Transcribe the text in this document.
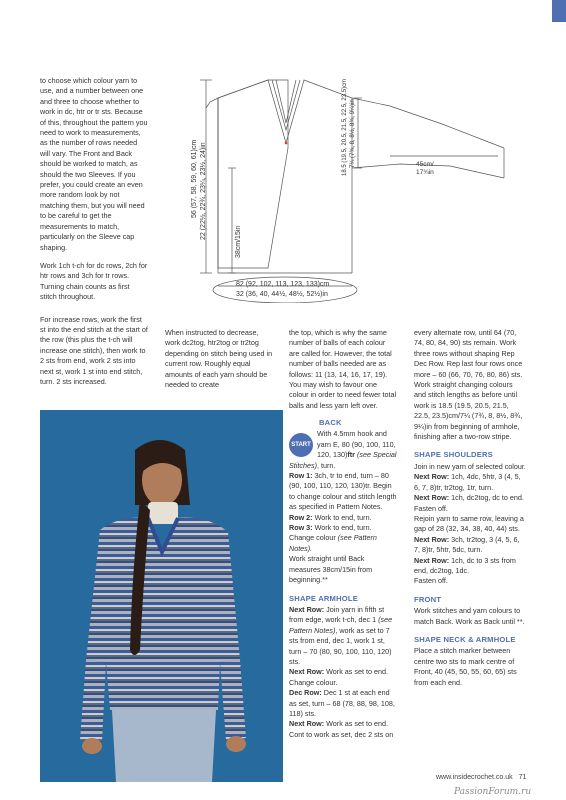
to choose which colour yarn to use, and a number between one and three to choose whether to work in dc, htr or tr sts. Because of this, throughout the pattern you need to work to measurements, as the number of rows needed will vary. The Front and Back should be worked to match, as should the two Sleeves. If you prefer, you could create an even more random look by not matching them, but you will need to be careful to get the measurements to match, particularly on the Sleeve cap shaping.

Work 1ch t-ch for dc rows, 2ch for htr rows and 3ch for tr rows. Turning chain counts as first stitch throughout.

For increase rows, work the first st into the end stitch at the start of the row (this plus the t-ch will increase one stitch), then work to 2 sts from end, work 2 sts into next st, work 1 st into end stitch, turn. 2 sts increased.

56 (57, 58, 59, 60, 61)cm 22 (22½, 22¾, 23¼, 23½, 24)in
38cm/15in
18.5 (19.5, 20.5, 21.5, 22.5, 23.5)cm 7¼ (7¾, 8, 8½, 8¾, 9¼)in	45cm/
17¾in
82 (92, 102, 113, 123, 133)cm
32 (36, 40, 44½, 48½, 52½)in

When instructed to decrease, work dc2tog, htr2tog or tr2tog depending on stitch being used in current row. Roughly equal amounts of each yarn should be needed to create

the top, which is why the same number of balls of each colour are called for. However, the total number of balls needed are as follows: 11 (13, 14, 16, 17, 19). You may wish to favour one colour in order to need fewer total balls and less yarn left over.

BACK
START
With 4.5mm hook and yarn E, 80 (90, 100, 110, 120, 130)ftr (see Special Stitches), turn.
Row 1: 3ch, tr to end, turn – 80 (90, 100, 110, 120, 130)tr. Begin to change colour and stitch length as specified in Pattern Notes.
Row 2: Work to end, turn.
Row 3: Work to end, turn. Change colour (see Pattern Notes).
Work straight until Back measures 38cm/15in from beginning.**
SHAPE ARMHOLE
Next Row: Join yarn in fifth st from edge, work t-ch, dec 1 (see Pattern Notes), work as set to 7 sts from end, dec 1, work 1 st, turn – 70 (80, 90, 100, 110, 120) sts.
Next Row: Work as set to end. Change colour.
Dec Row: Dec 1 st at each end as set, turn – 68 (78, 88, 98, 108, 118) sts.
Next Row: Work as set to end. Cont to work as set, dec 2 sts on

every alternate row, until 64 (70, 74, 80, 84, 90) sts remain. Work three rows without shaping Rep Dec Row. Rep last four rows once more – 60 (66, 70, 76, 80, 86) sts. Work straight changing colours and stitch lengths as before until work is 18.5 (19.5, 20.5, 21.5, 22.5, 23.5)cm/7¼ (7¾, 8, 8½, 8¾, 9¼)in from beginning of armhole, finishing after a two-row stripe.

SHAPE SHOULDERS
Join in new yarn of selected colour.
Next Row: 1ch, 4dc, 5htr, 3 (4, 5, 6, 7, 8)tr, tr2tog, 1tr, turn.
Next Row: 1ch, dc2tog, dc to end.
Fasten off.
Rejoin yarn to same row, leaving a gap of 28 (32, 34, 38, 40, 44) sts.
Next Row: 3ch, tr2tog, 3 (4, 5, 6, 7, 8)tr, 5htr, 5dc, turn.
Next Row: 1ch, dc to 3 sts from end, dc2tog, 1dc.
Fasten off.
FRONT
Work stitches and yarn colours to match Back. Work as Back until **.
SHAPE NECK & ARMHOLE
Place a stitch marker between centre two sts to mark centre of Front, 40 (45, 50, 55, 60, 65) sts from each end.
www.insidecrochet.co.uk 71
PassionForum.ru
